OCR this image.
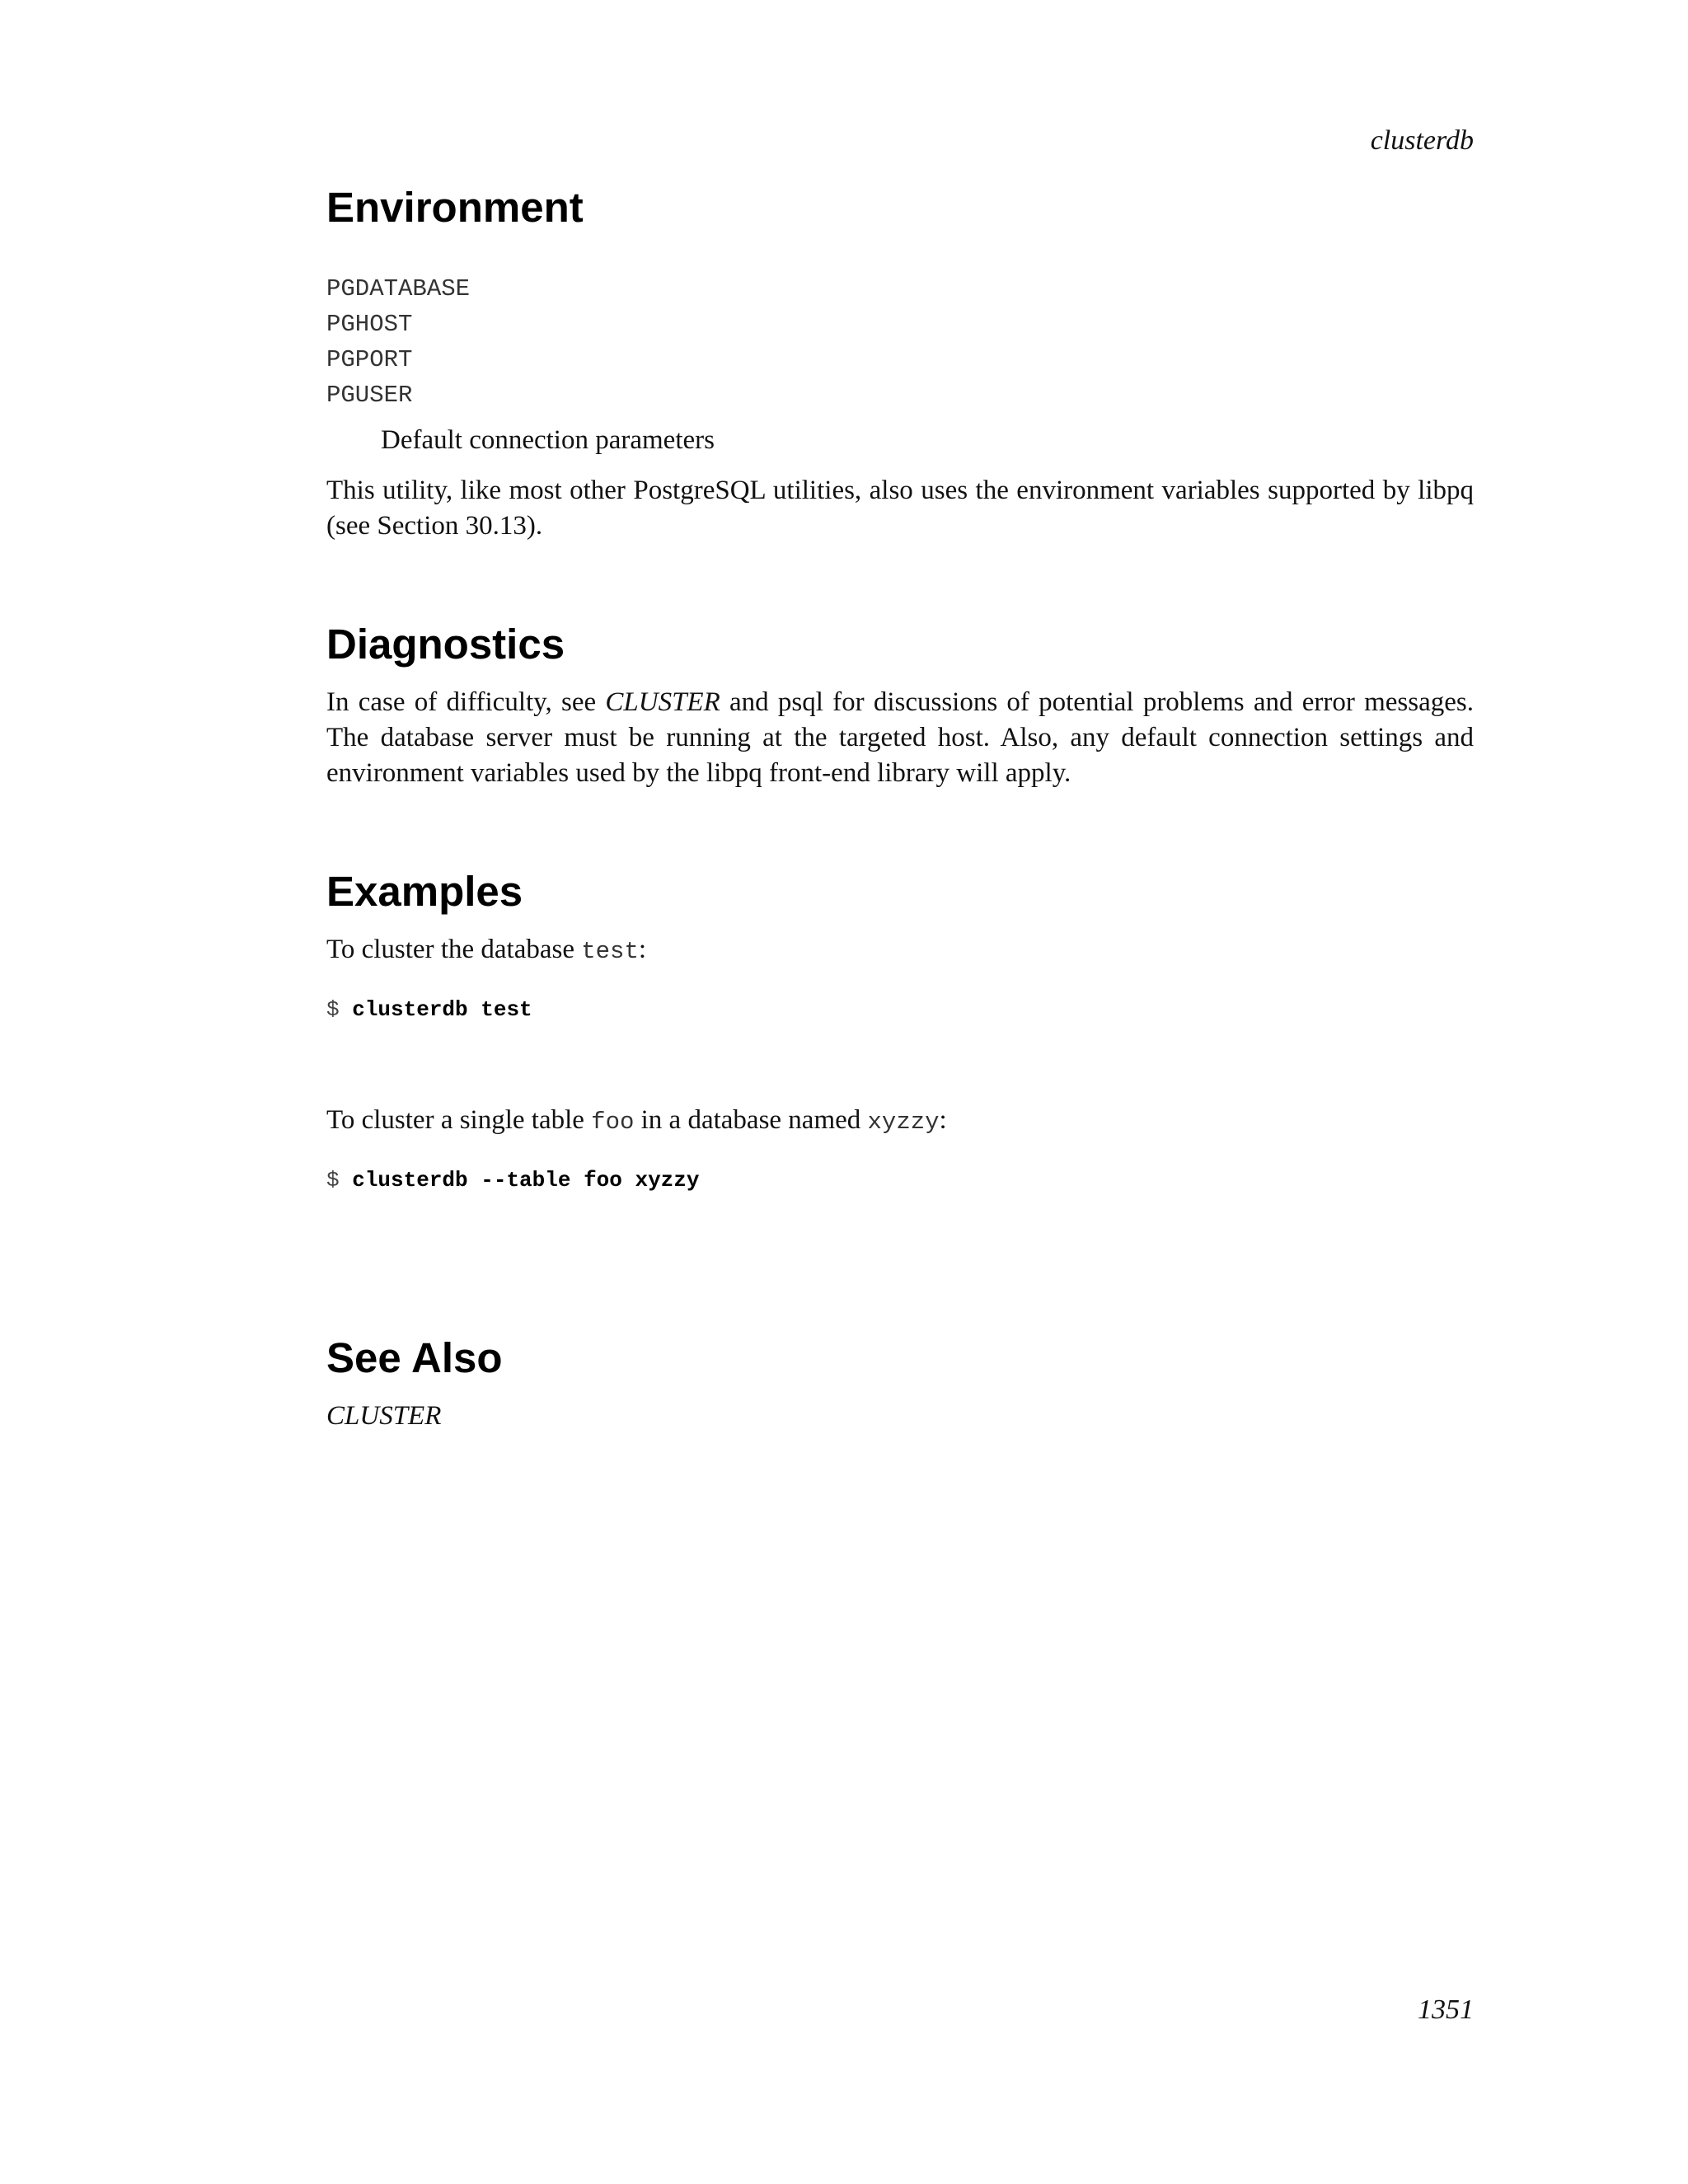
clusterdb

Environment

PGDATABASE

PGHOST

PGPORT

PGUSER

Default connection parameters

This utility, like most other PostgreSQL utilities, also uses the environment variables supported by libpq (see Section 30.13).

Diagnostics

In case of difficulty, see CLUSTER and psql for discussions of potential problems and error messages. The database server must be running at the targeted host. Also, any default connection settings and environment variables used by the libpq front-end library will apply.

Examples

To cluster the database test:

$ clusterdb test

To cluster a single table foo in a database named xyzzy:

$ clusterdb --table foo xyzzy

See Also

CLUSTER

1351
